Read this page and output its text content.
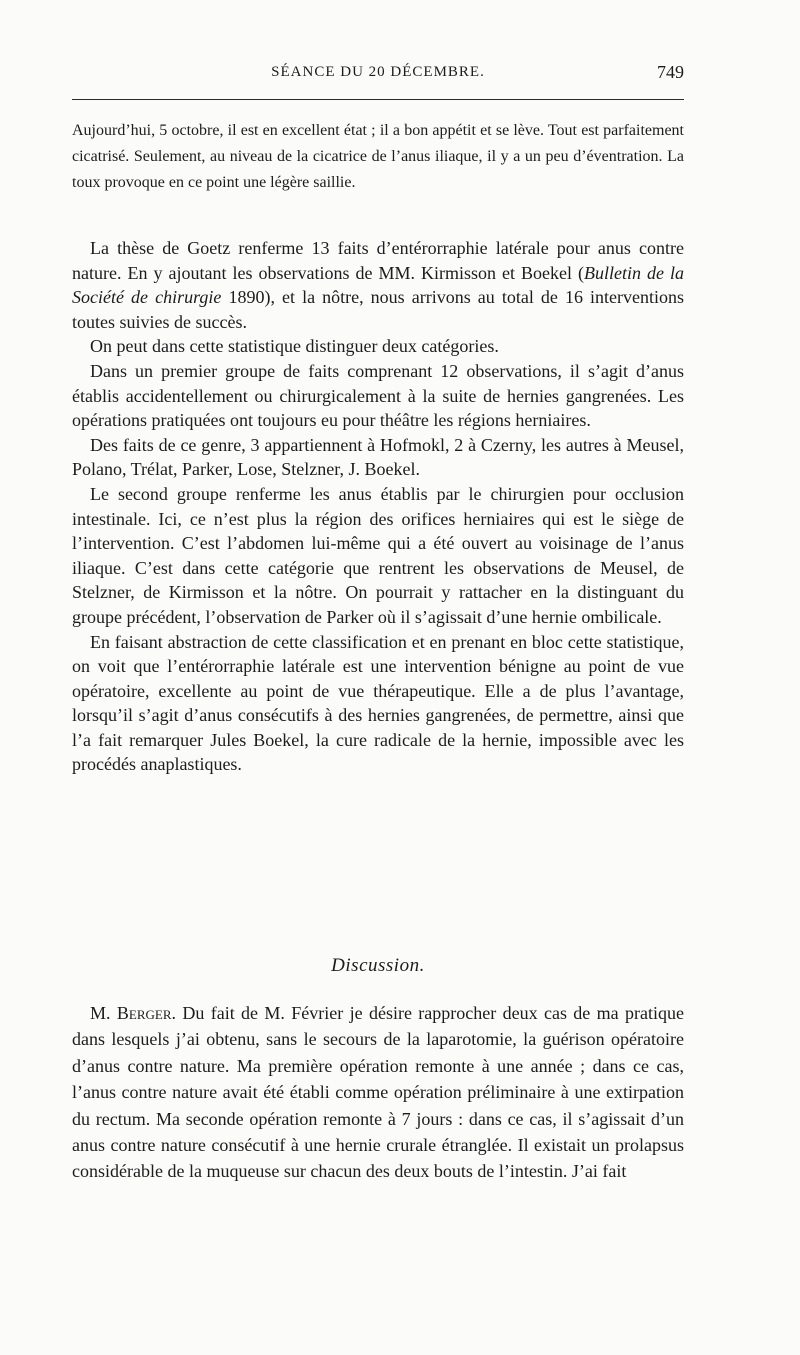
SÉANCE DU 20 DÉCEMBRE.	749

Aujourd’hui, 5 octobre, il est en excellent état ; il a bon appétit et se lève. Tout est parfaitement cicatrisé. Seulement, au niveau de la cicatrice de l’anus iliaque, il y a un peu d’éventration. La toux provoque en ce point une légère saillie.

La thèse de Goetz renferme 13 faits d’entérorraphie latérale pour anus contre nature. En y ajoutant les observations de MM. Kirmisson et Boekel (Bulletin de la Société de chirurgie 1890), et la nôtre, nous arrivons au total de 16 interventions toutes suivies de succès.

On peut dans cette statistique distinguer deux catégories.

Dans un premier groupe de faits comprenant 12 observations, il s’agit d’anus établis accidentellement ou chirurgicalement à la suite de hernies gangrenées. Les opérations pratiquées ont toujours eu pour théâtre les régions herniaires.

Des faits de ce genre, 3 appartiennent à Hofmokl, 2 à Czerny, les autres à Meusel, Polano, Trélat, Parker, Lose, Stelzner, J. Boekel.

Le second groupe renferme les anus établis par le chirurgien pour occlusion intestinale. Ici, ce n’est plus la région des orifices herniaires qui est le siège de l’intervention. C’est l’abdomen lui-même qui a été ouvert au voisinage de l’anus iliaque. C’est dans cette catégorie que rentrent les observations de Meusel, de Stelzner, de Kirmisson et la nôtre. On pourrait y rattacher en la distinguant du groupe précédent, l’observation de Parker où il s’agissait d’une hernie ombilicale.

En faisant abstraction de cette classification et en prenant en bloc cette statistique, on voit que l’entérorraphie latérale est une intervention bénigne au point de vue opératoire, excellente au point de vue thérapeutique. Elle a de plus l’avantage, lorsqu’il s’agit d’anus consécutifs à des hernies gangrenées, de permettre, ainsi que l’a fait remarquer Jules Boekel, la cure radicale de la hernie, impossible avec les procédés anaplastiques.

Discussion.

M. Berger. Du fait de M. Février je désire rapprocher deux cas de ma pratique dans lesquels j’ai obtenu, sans le secours de la laparotomie, la guérison opératoire d’anus contre nature. Ma première opération remonte à une année ; dans ce cas, l’anus contre nature avait été établi comme opération préliminaire à une extirpation du rectum. Ma seconde opération remonte à 7 jours : dans ce cas, il s’agissait d’un anus contre nature consécutif à une hernie crurale étranglée. Il existait un prolapsus considérable de la muqueuse sur chacun des deux bouts de l’intestin. J’ai fait
